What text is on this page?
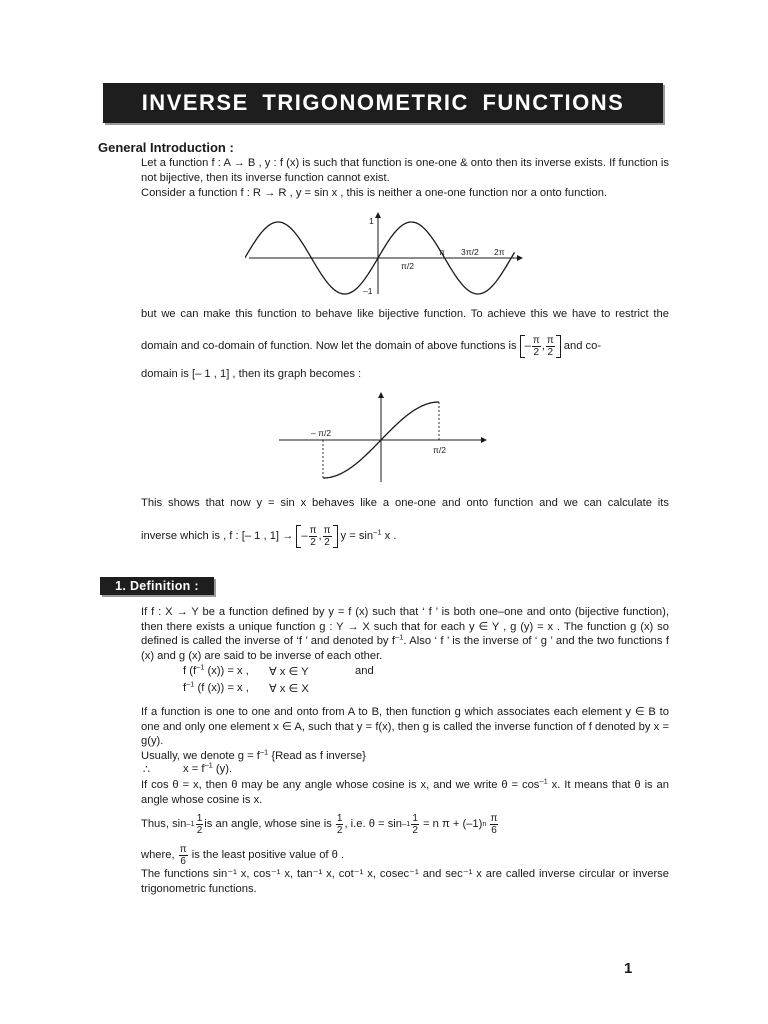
INVERSE TRIGONOMETRIC FUNCTIONS
General Introduction :
Let a function f : A → B , y : f (x) is such that function is one-one & onto then its inverse exists. If function is not bijective, then its inverse function cannot exist.
Consider a function f : R → R , y = sin x , this is neither a one-one function nor a onto function.
1
–1
π/2
π 3π/2 2π
but we can make this function to behave like bijective function. To achieve this we have to restrict the
domain and co-domain of function. Now let the domain of above functions is – $\frac{\pi}{2}$ , $\frac{\pi}{2}$ and co-
domain is [– 1 , 1] , then its graph becomes :
– π/2
π/2
This shows that now y = sin x behaves like a one-one and onto function and we can calculate its
inverse which is , f : [– 1 , 1] → – $\frac{\pi}{2}$ , $\frac{\pi}{2}$ $y = \sin^{-1} x$ .
1. Definition :
If f : X → Y be a function defined by y = f (x) such that ‘ f ’ is both one–one and onto (bijective function), then there exists a unique function g : Y → X such that for each y ∈ Y , g (y) = x . The function g (x) so defined is called the inverse of ‘f ’ and denoted by $f^{-1}$. Also ‘ f ’ is the inverse of ‘ g ’ and the two functions f (x) and g (x) are said to be inverse of each other.
f ($f^{-1}$ (x)) = x , ∀ x ∈ Y	and
$f^{-1}$ (f (x)) = x , ∀ x ∈ X
If a function is one to one and onto from A to B, then function g which associates each element y ∈ B to one and only one element x ∈ A, such that y = f(x), then g is called the inverse function of f denoted by x = g(y).
Usually, we denote $g = f^{-1}$ {Read as f inverse}
∴	$x = f^{-1}$ (y).
If cos θ = x, then θ may be any angle whose cosine is x, and we write $\theta = \cos^{-1} x$. It means that θ is an angle whose cosine is x.
Thus, $\sin -1 \frac{1}{2}$ is an angle, whose sine is
$\frac{1}{2}$ , i.e. $\theta = \sin -1 \frac{1}{2}$
= n π + (–1) n $\frac{\pi}{6}$
where,
$\frac{\pi}{6}$
is the least positive value of θ .
The functions sin⁻¹ x, cos⁻¹ x, tan⁻¹ x, cot⁻¹ x, cosec⁻¹ and sec⁻¹ x are called inverse circular or inverse trigonometric functions.
1
